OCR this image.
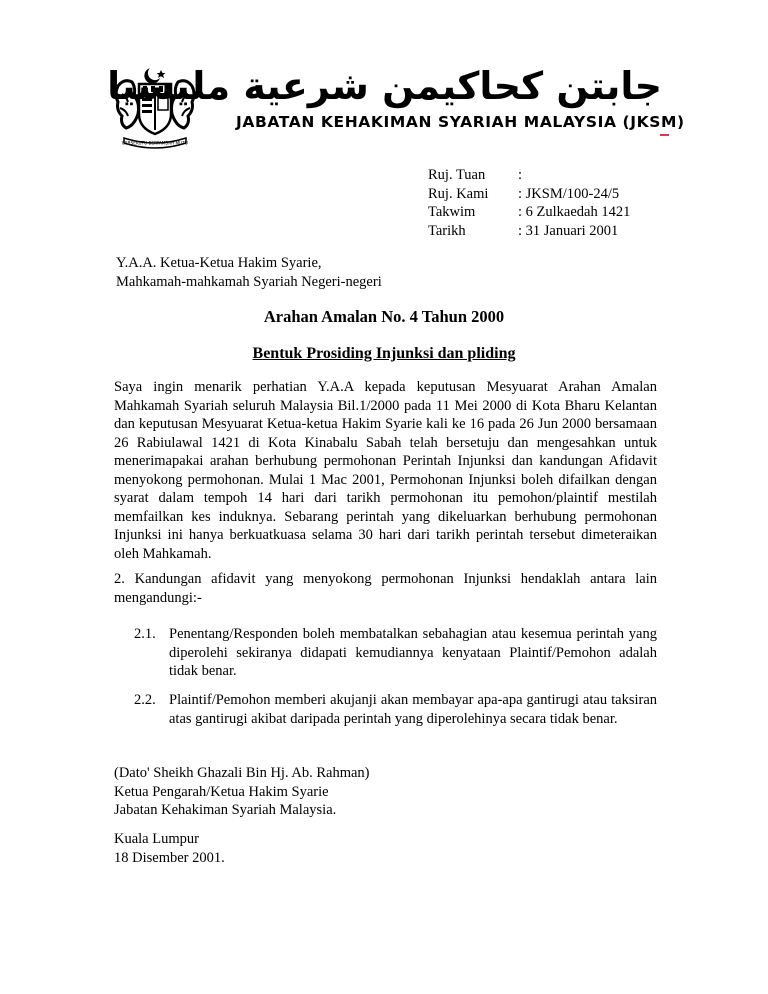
BERSEKUTU BERTAMBAH MUTU
جابتن كحاكيمن شرعية مليسيا
JABATAN KEHAKIMAN SYARIAH MALAYSIA (JKSM)
Ruj. Tuan	:
Ruj. Kami	: JKSM/100-24/5
Takwim	: 6 Zulkaedah 1421
Tarikh	: 31 Januari 2001
Y.A.A. Ketua-Ketua Hakim Syarie,
Mahkamah-mahkamah Syariah Negeri-negeri
Arahan Amalan No. 4 Tahun 2000
Bentuk Prosiding Injunksi dan pliding
Saya ingin menarik perhatian Y.A.A kepada keputusan Mesyuarat Arahan Amalan Mahkamah Syariah seluruh Malaysia Bil.1/2000 pada 11 Mei 2000 di Kota Bharu Kelantan dan keputusan Mesyuarat Ketua-ketua Hakim Syarie kali ke 16 pada 26 Jun 2000 bersamaan 26 Rabiulawal 1421 di Kota Kinabalu Sabah telah bersetuju dan mengesahkan untuk menerimapakai arahan berhubung permohonan Perintah Injunksi dan kandungan Afidavit menyokong permohonan. Mulai 1 Mac 2001, Permohonan Injunksi boleh difailkan dengan syarat dalam tempoh 14 hari dari tarikh permohonan itu pemohon/plaintif mestilah memfailkan kes induknya. Sebarang perintah yang dikeluarkan berhubung permohonan Injunksi ini hanya berkuatkuasa selama 30 hari dari tarikh perintah tersebut dimeteraikan oleh Mahkamah.
2. Kandungan afidavit yang menyokong permohonan Injunksi hendaklah antara lain mengandungi:-
2.1. Penentang/Responden boleh membatalkan sebahagian atau kesemua perintah yang diperolehi sekiranya didapati kemudiannya kenyataan Plaintif/Pemohon adalah tidak benar.
2.2. Plaintif/Pemohon memberi akujanji akan membayar apa-apa gantirugi atau taksiran atas gantirugi akibat daripada perintah yang diperolehinya secara tidak benar.
(Dato' Sheikh Ghazali Bin Hj. Ab. Rahman)
Ketua Pengarah/Ketua Hakim Syarie
Jabatan Kehakiman Syariah Malaysia.
Kuala Lumpur
18 Disember 2001.
